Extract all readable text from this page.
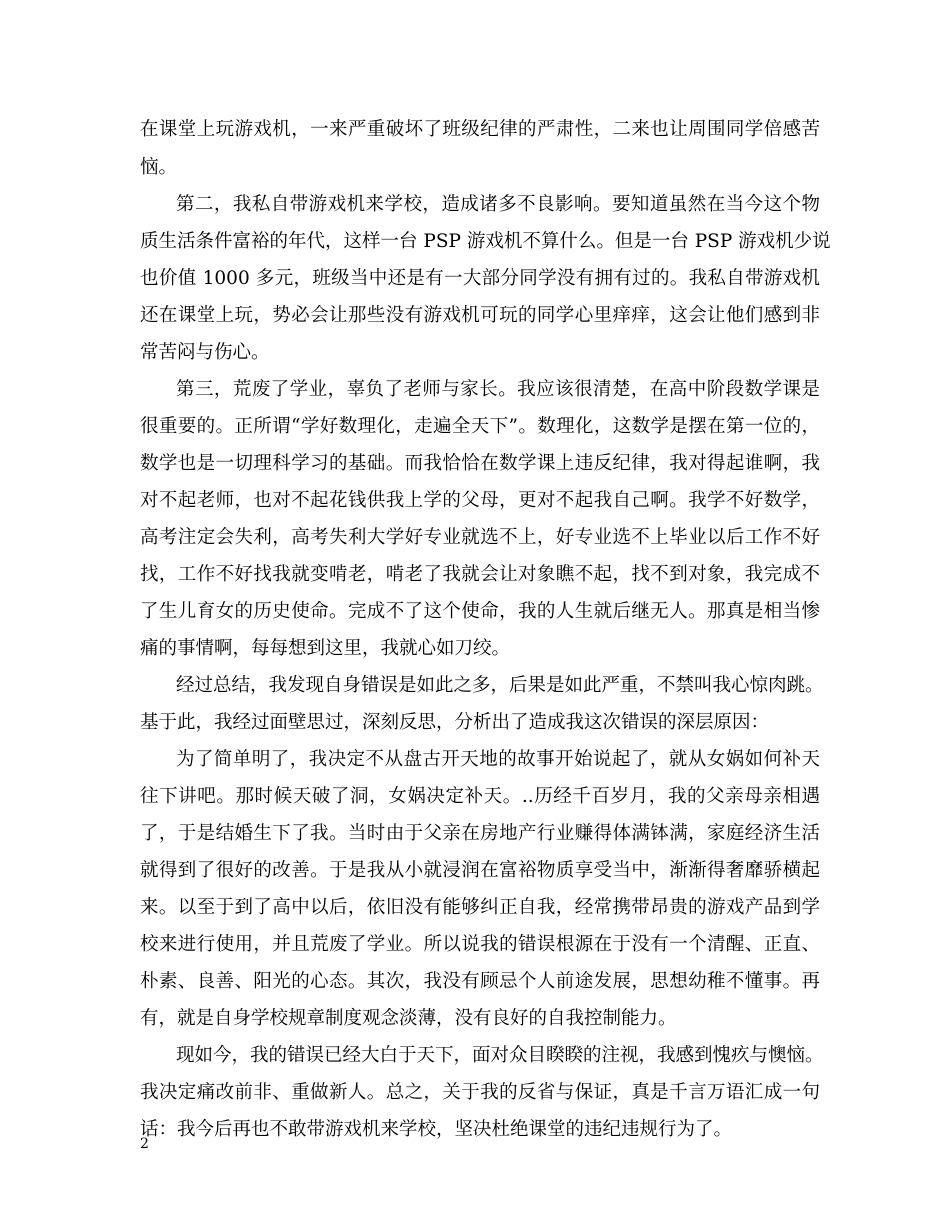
在课堂上玩游戏机，一来严重破坏了班级纪律的严肃性，二来也让周围同学倍感苦
恼。
第二，我私自带游戏机来学校，造成诸多不良影响。要知道虽然在当今这个物
质生活条件富裕的年代，这样一台 PSP 游戏机不算什么。但是一台 PSP 游戏机少说
也价值 1000 多元，班级当中还是有一大部分同学没有拥有过的。我私自带游戏机
还在课堂上玩，势必会让那些没有游戏机可玩的同学心里痒痒，这会让他们感到非
常苦闷与伤心。
第三，荒废了学业，辜负了老师与家长。我应该很清楚，在高中阶段数学课是
很重要的。正所谓“学好数理化，走遍全天下”。数理化，这数学是摆在第一位的，
数学也是一切理科学习的基础。而我恰恰在数学课上违反纪律，我对得起谁啊，我
对不起老师，也对不起花钱供我上学的父母，更对不起我自己啊。我学不好数学，
高考注定会失利，高考失利大学好专业就选不上，好专业选不上毕业以后工作不好
找，工作不好找我就变啃老，啃老了我就会让对象瞧不起，找不到对象，我完成不
了生儿育女的历史使命。完成不了这个使命，我的人生就后继无人。那真是相当惨
痛的事情啊，每每想到这里，我就心如刀绞。
经过总结，我发现自身错误是如此之多，后果是如此严重，不禁叫我心惊肉跳。
基于此，我经过面壁思过，深刻反思，分析出了造成我这次错误的深层原因：
为了简单明了，我决定不从盘古开天地的故事开始说起了，就从女娲如何补天
往下讲吧。那时候天破了洞，女娲决定补天。..历经千百岁月，我的父亲母亲相遇
了，于是结婚生下了我。当时由于父亲在房地产行业赚得体满钵满，家庭经济生活
就得到了很好的改善。于是我从小就浸润在富裕物质享受当中，渐渐得奢靡骄横起
来。以至于到了高中以后，依旧没有能够纠正自我，经常携带昂贵的游戏产品到学
校来进行使用，并且荒废了学业。所以说我的错误根源在于没有一个清醒、正直、
朴素、良善、阳光的心态。其次，我没有顾忌个人前途发展，思想幼稚不懂事。再
有，就是自身学校规章制度观念淡薄，没有良好的自我控制能力。
现如今，我的错误已经大白于天下，面对众目睽睽的注视，我感到愧疚与懊恼。
我决定痛改前非、重做新人。总之，关于我的反省与保证，真是千言万语汇成一句
话：我今后再也不敢带游戏机来学校，坚决杜绝课堂的违纪违规行为了。
2
